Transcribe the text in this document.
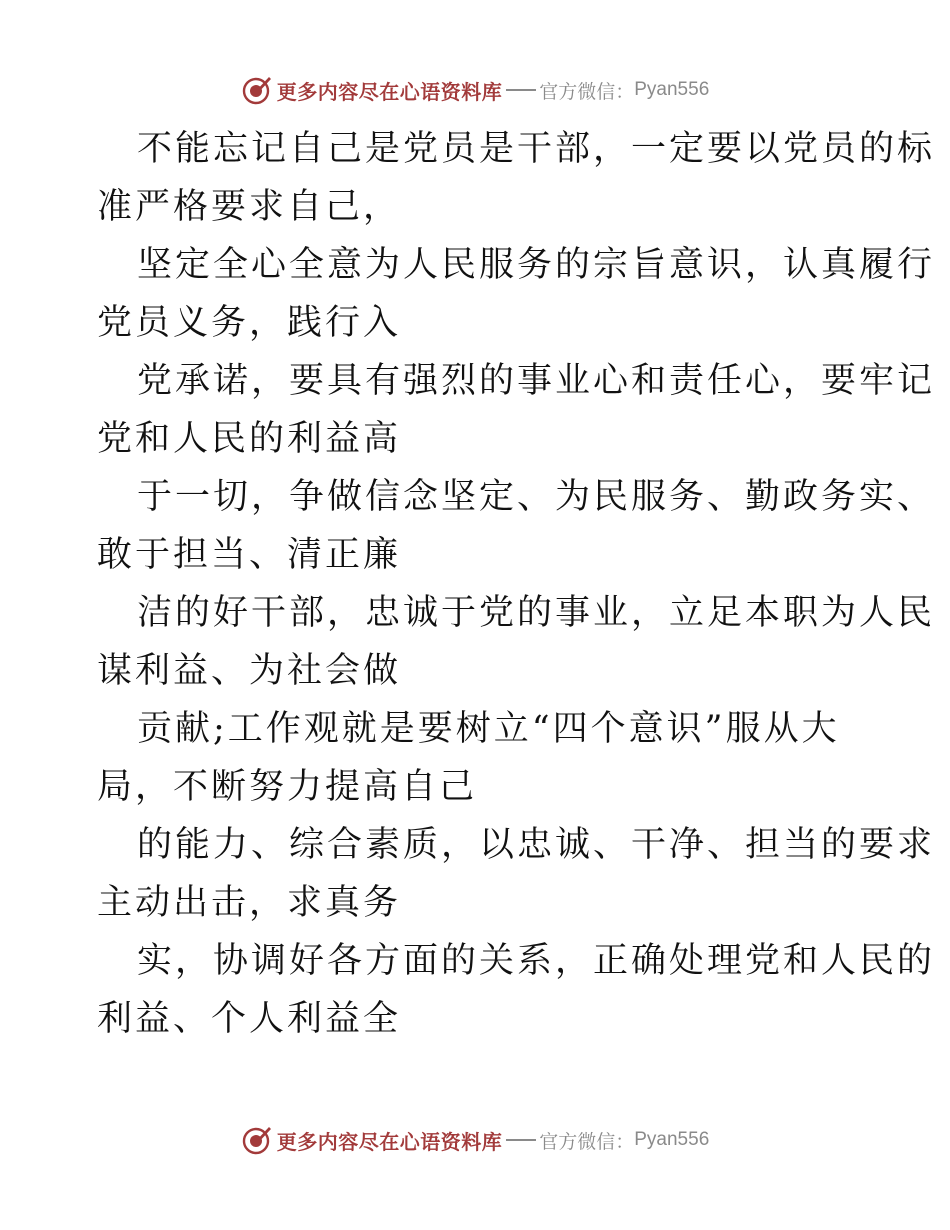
更多内容尽在心语资料库 官方微信： Pyan556

不能忘记自己是党员是干部，一定要以党员的标
准严格要求自己，

坚定全心全意为人民服务的宗旨意识，认真履行
党员义务，践行入

党承诺，要具有强烈的事业心和责任心，要牢记
党和人民的利益高

于一切，争做信念坚定、为民服务、勤政务实、
敢于担当、清正廉

洁的好干部，忠诚于党的事业，立足本职为人民
谋利益、为社会做

贡献;工作观就是要树立“四个意识”服从大
局，不断努力提高自己

的能力、综合素质，以忠诚、干净、担当的要求
主动出击，求真务

实，协调好各方面的关系，正确处理党和人民的
利益、个人利益全

更多内容尽在心语资料库 官方微信： Pyan556
